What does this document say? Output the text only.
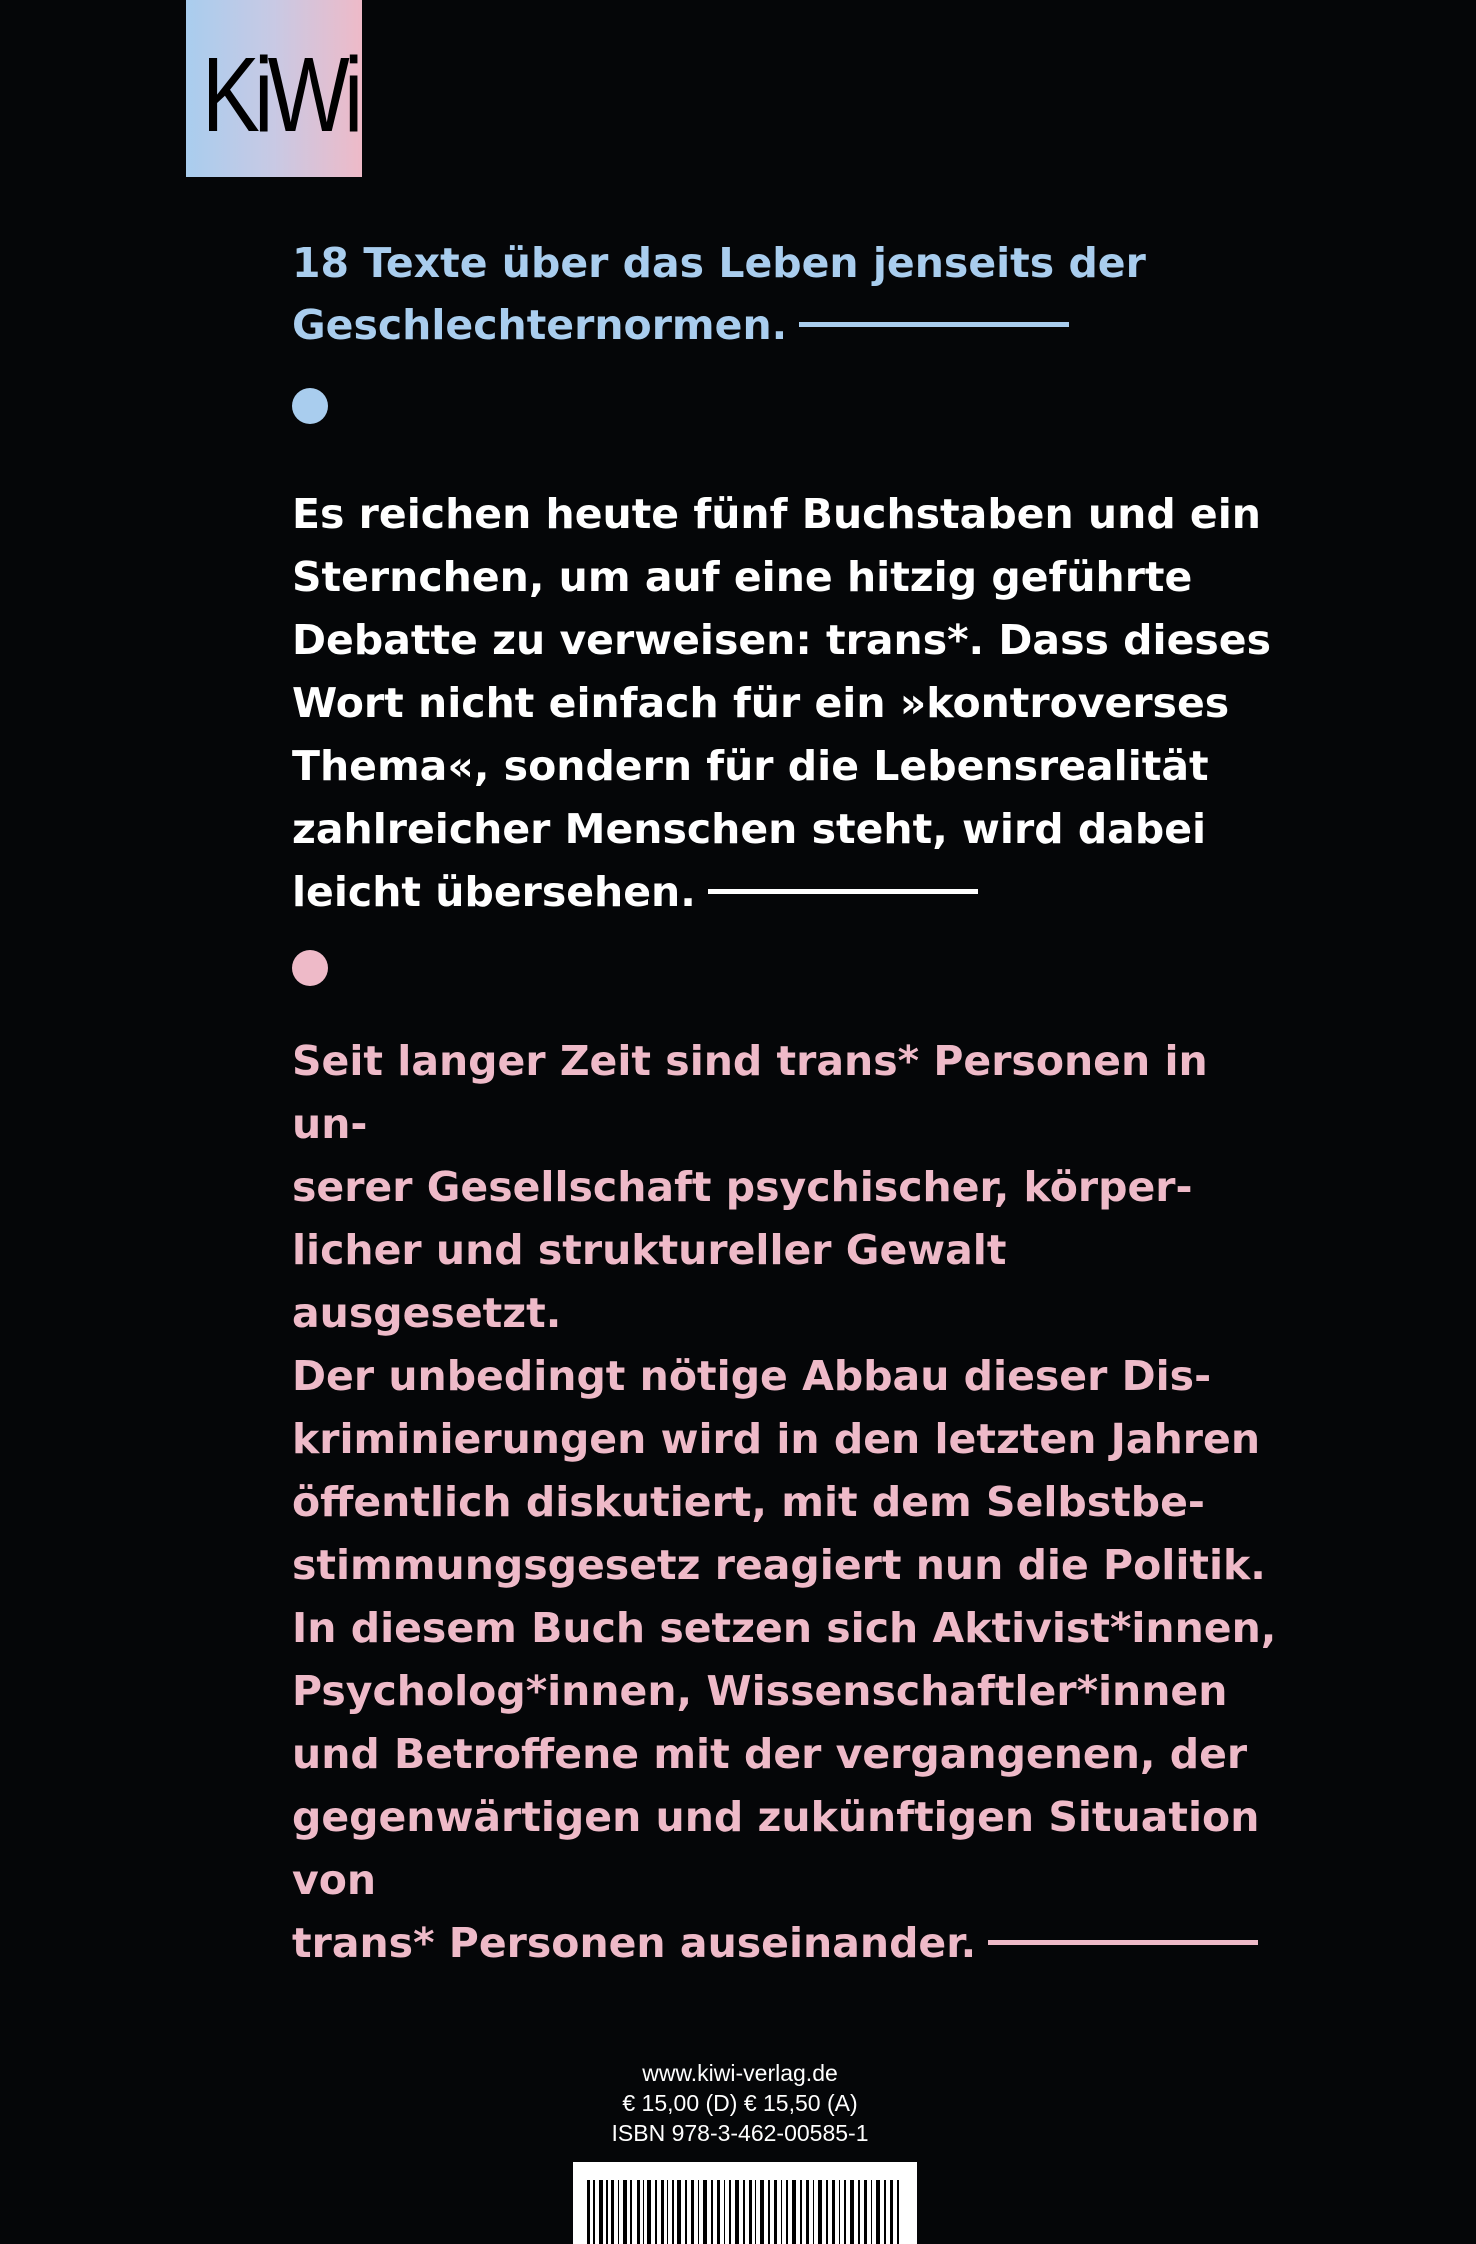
KiWi

18 Texte über das Leben jenseits der
Geschlechternormen.

Es reichen heute fünf Buchstaben und ein
Sternchen, um auf eine hitzig geführte
Debatte zu verweisen: trans*. Dass dieses
Wort nicht einfach für ein »kontroverses
Thema«, sondern für die Lebensrealität
zahlreicher Menschen steht, wird dabei
leicht übersehen.

Seit langer Zeit sind trans* Personen in un-
serer Gesellschaft psychischer, körper-
licher und struktureller Gewalt ausgesetzt.
Der unbedingt nötige Abbau dieser Dis-
kriminierungen wird in den letzten Jahren
öffentlich diskutiert, mit dem Selbstbe-
stimmungsgesetz reagiert nun die Politik.
In diesem Buch setzen sich Aktivist*innen,
Psycholog*innen, Wissenschaftler*innen
und Betroffene mit der vergangenen, der
gegenwärtigen und zukünftigen Situation von
trans* Personen auseinander.

www.kiwi-verlag.de
€ 15,00 (D) € 15,50 (A)
ISBN 978-3-462-00585-1
